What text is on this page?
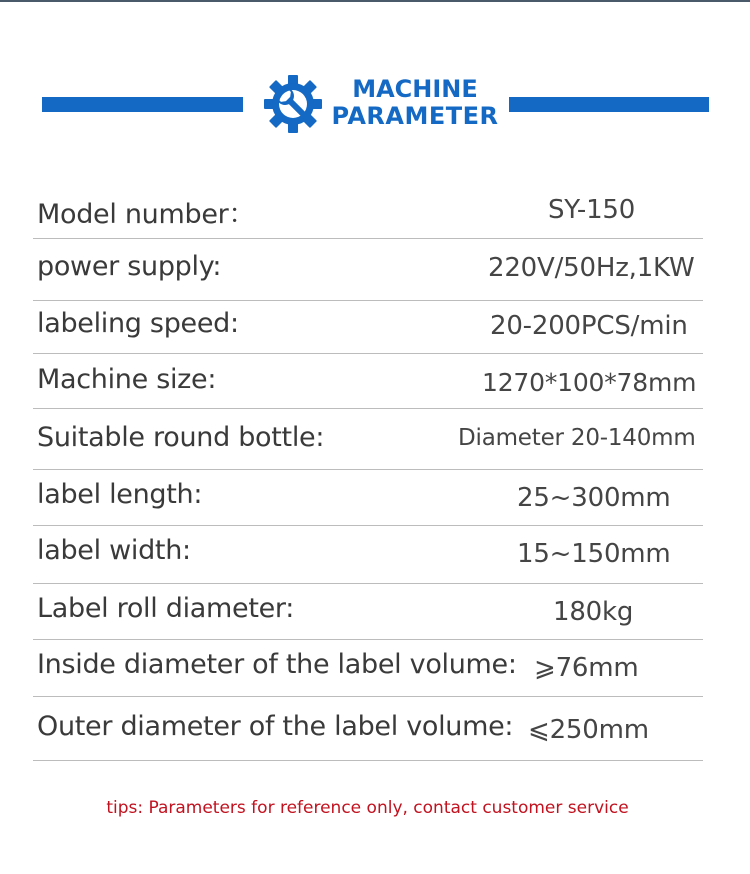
MACHINE
PARAMETER
Model number：	SY-150
power supply:	220V/50Hz,1KW
labeling speed:	20-200PCS/min
Machine size:	1270*100*78mm
Suitable round bottle:	Diameter 20-140mm
label length:	25~300mm
label width:	15~150mm
Label roll diameter:	180kg
Inside diameter of the label volume: ⩾76mm
Outer diameter of the label volume: ⩽250mm
tips: Parameters for reference only, contact customer service
